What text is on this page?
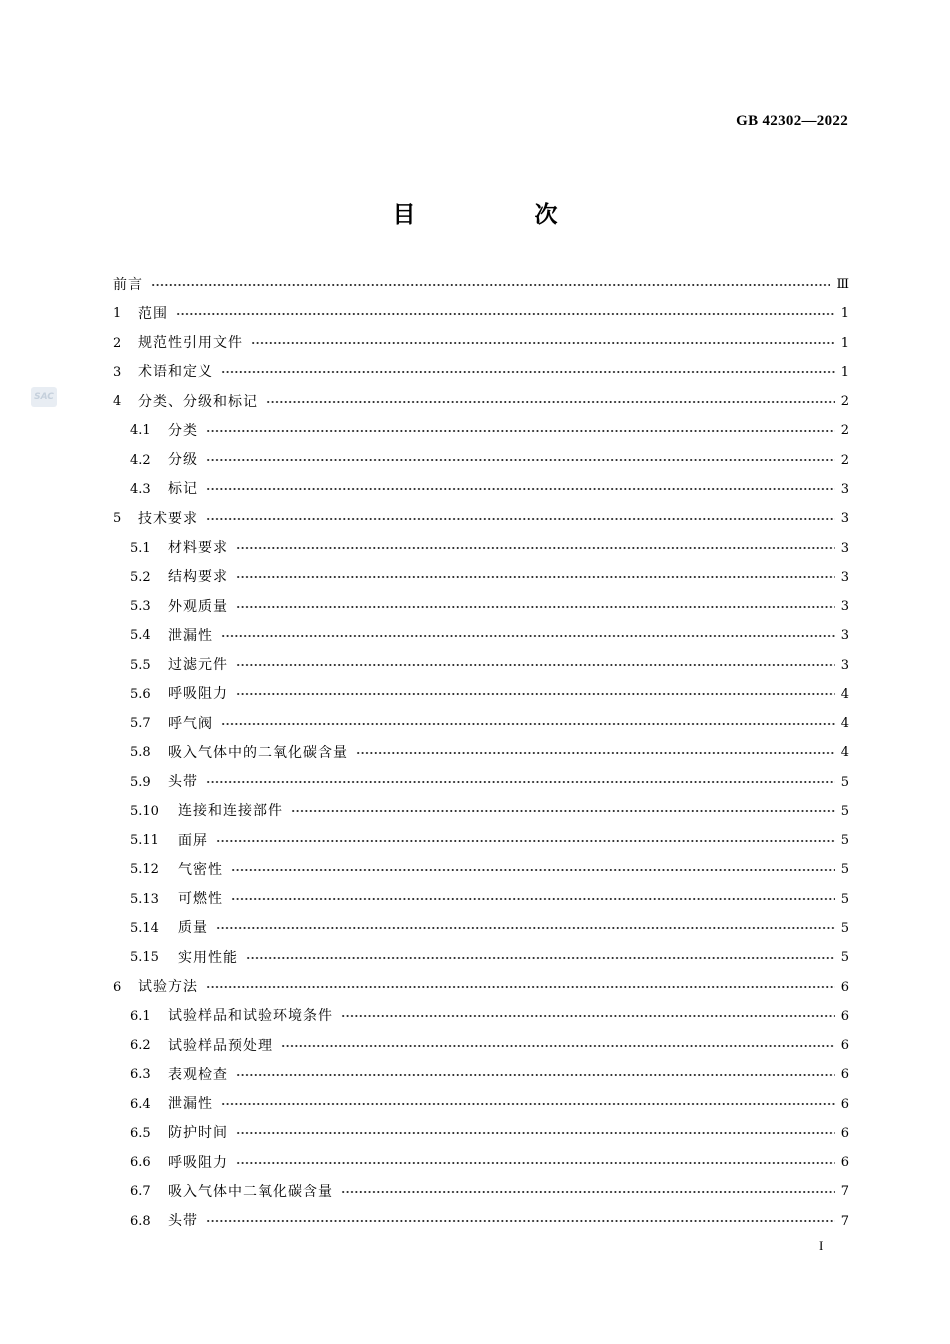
GB 42302—2022
目　次
SAC
前言	Ⅲ
1	范围	1
2	规范性引用文件	1
3	术语和定义	1
4	分类、分级和标记	2
4.1	分类	2
4.2	分级	2
4.3	标记	3
5	技术要求	3
5.1	材料要求	3
5.2	结构要求	3
5.3	外观质量	3
5.4	泄漏性	3
5.5	过滤元件	3
5.6	呼吸阻力	4
5.7	呼气阀	4
5.8	吸入气体中的二氧化碳含量	4
5.9	头带	5
5.10	连接和连接部件	5
5.11	面屏	5
5.12	气密性	5
5.13	可燃性	5
5.14	质量	5
5.15	实用性能	5
6	试验方法	6
6.1	试验样品和试验环境条件	6
6.2	试验样品预处理	6
6.3	表观检查	6
6.4	泄漏性	6
6.5	防护时间	6
6.6	呼吸阻力	6
6.7	吸入气体中二氧化碳含量	7
6.8	头带	7
I
